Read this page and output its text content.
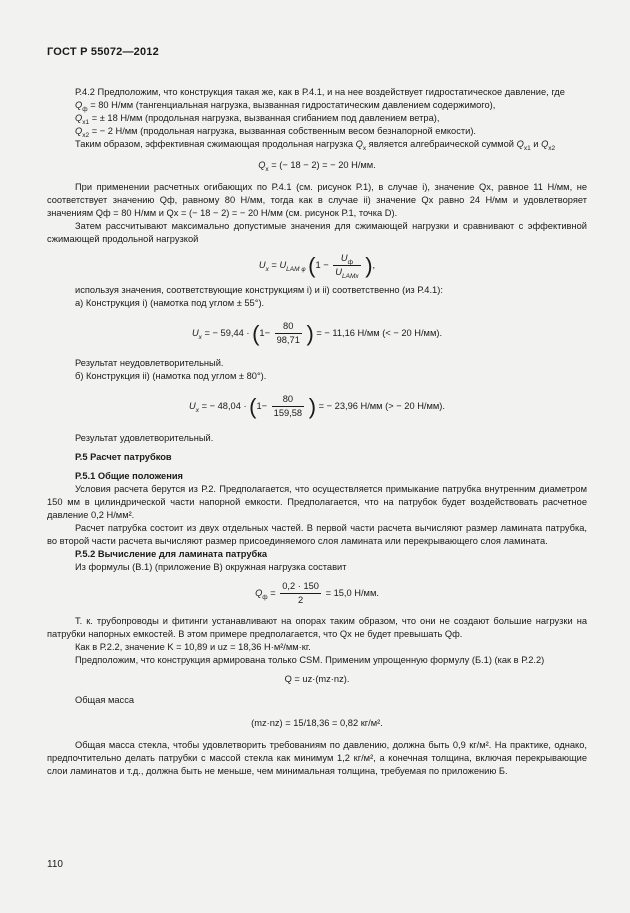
ГОСТ Р 55072—2012

Р.4.2 Предположим, что конструкция такая же, как в Р.4.1, и на нее воздействует гидростатическое давление, где

$Q_ф = 80$ Н/мм (тангенциальная нагрузка, вызванная гидростатическим давлением содержимого),

$Q_{x1}$ = ± 18 Н/мм (продольная нагрузка, вызванная сгибанием под давлением ветра),

$Q_{x2}$ = − 2 Н/мм (продольная нагрузка, вызванная собственным весом безнапорной емкости).

Таким образом, эффективная сжимающая продольная нагрузка $Q_x$ является алгебраической суммой $Q_{x1}$ и $Q_{x2}$

$Q_x$ = (− 18 − 2) = − 20 Н/мм.

При применении расчетных огибающих по Р.4.1 (см. рисунок Р.1), в случае i), значение Qx, равное 11 Н/мм, не соответствует значению Qф, равному 80 Н/мм, тогда как в случае ii) значение Qx равно 24 Н/мм и удовлетворяет значениям Qф = 80 Н/мм и Qx = (− 18 − 2) = − 20 Н/мм (см. рисунок Р.1, точка D).

Затем рассчитывают максимально допустимые значения для сжимающей нагрузки и сравнивают с эффективной сжимающей продольной нагрузкой

$U_x = U_{LAM \varphi}$ ($1 - \frac{U_ф}{U_{LAMx}}$ ),

используя значения, соответствующие конструкциям i) и ii) соответственно (из Р.4.1):

а) Конструкция i) (намотка под углом ± 55°).

$U_x$ = − $59,44 \cdot (1- \frac{80}{98,71}$ ) = − 11,16 Н/мм (< − 20 Н/мм).

Результат неудовлетворительный.

б) Конструкция ii) (намотка под углом ± 80°).

$U_x$ = − $48,04 \cdot (1- \frac{80}{159,58}$ ) = − 23,96 Н/мм (> − 20 Н/мм).

Результат удовлетворительный.

Р.5 Расчет патрубков

Р.5.1 Общие положения

Условия расчета берутся из Р.2. Предполагается, что осуществляется примыкание патрубка внутренним диаметром 150 мм в цилиндрической части напорной емкости. Предполагается, что на патрубок будет воздействовать расчетное давление 0,2 Н/мм².

Расчет патрубка состоит из двух отдельных частей. В первой части расчета вычисляют размер ламината патрубка, во второй части расчета вычисляют размер присоединяемого слоя ламината или перекрывающего слоя ламината.

Р.5.2 Вычисление для ламината патрубка

Из формулы (В.1) (приложение В) окружная нагрузка составит

$Q_ф = \frac{0,2 \cdot 150}{2} = 15,0$ Н/мм.

Т. к. трубопроводы и фитинги устанавливают на опорах таким образом, что они не создают большие нагрузки на патрубки напорных емкостей. В этом примере предполагается, что Qx не будет превышать Qф.

Как в Р.2.2, значение K = 10,89 и uz = 18,36 Н·м²/мм·кг.

Предположим, что конструкция армирована только CSM. Применим упрощенную формулу (Б.1) (как в Р.2.2)

Q = uz·(mz·nz).

Общая масса

(mz·nz) = 15/18,36 = 0,82 кг/м².

Общая масса стекла, чтобы удовлетворить требованиям по давлению, должна быть 0,9 кг/м². На практике, однако, предпочтительно делать патрубки с массой стекла как минимум 1,2 кг/м², а конечная толщина, включая перекрывающие слои ламинатов и т.д., должна быть не меньше, чем минимальная толщина, требуемая по приложению Б.

110
